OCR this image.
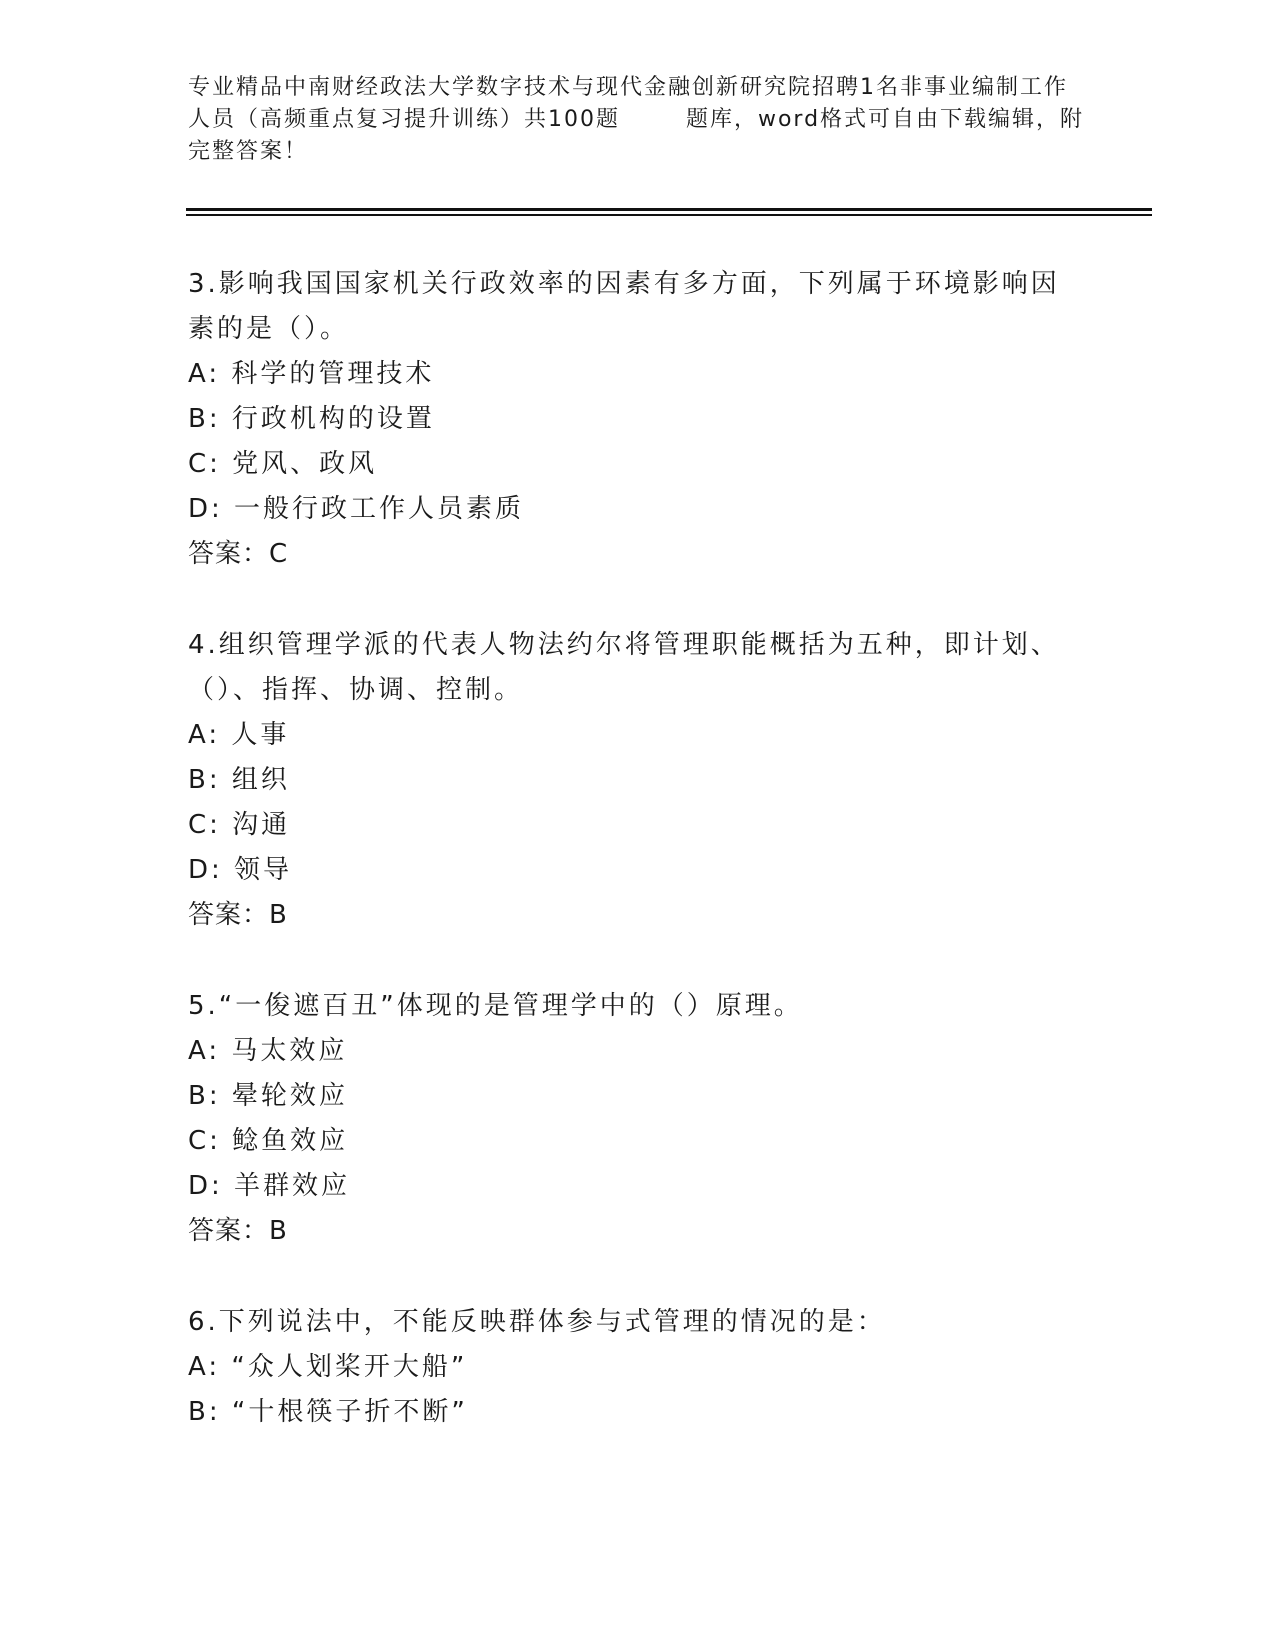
专业精品中南财经政法大学数字技术与现代金融创新研究院招聘1名非事业编制工作人员（高频重点复习提升训练）共100题 　　 题库，word格式可自由下载编辑，附完整答案！
3.影响我国国家机关行政效率的因素有多方面，下列属于环境影响因素的是（）。
A: 科学的管理技术
B: 行政机构的设置
C: 党风、政风
D: 一般行政工作人员素质
答案：C
4.组织管理学派的代表人物法约尔将管理职能概括为五种，即计划、（）、指挥、协调、控制。
A: 人事
B: 组织
C: 沟通
D: 领导
答案：B
5.“一俊遮百丑”体现的是管理学中的（）原理。
A: 马太效应
B: 晕轮效应
C: 鲶鱼效应
D: 羊群效应
答案：B
6.下列说法中，不能反映群体参与式管理的情况的是：
A: “众人划桨开大船”
B: “十根筷子折不断”
